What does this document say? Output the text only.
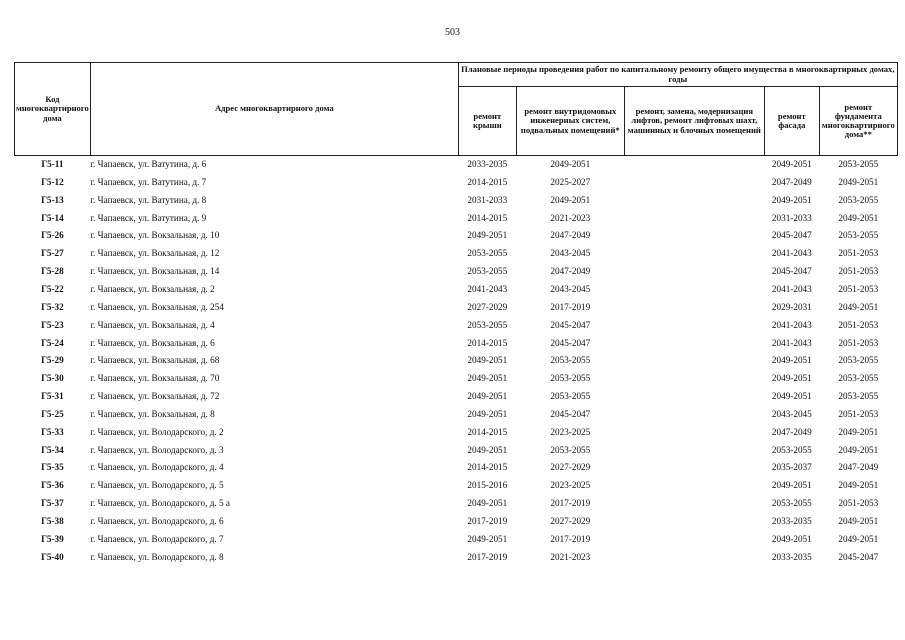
503
Код многоквартирного дома	Адрес многоквартирного дома	Плановые периоды проведения работ по капитальному ремонту общего имущества в многоквартирных домах, годы				
		ремонт крыши	ремонт внутридомовых инженерных систем, подвальных помещений*	ремонт, замена, модернизация лифтов, ремонт лифтовых шахт, машинных и блочных помещений	ремонт фасада	ремонт фундамента многоквартирного дома**
Г5-11	г. Чапаевск, ул. Ватутина, д. 6	2033-2035	2049-2051		2049-2051	2053-2055
Г5-12	г. Чапаевск, ул. Ватутина, д. 7	2014-2015	2025-2027		2047-2049	2049-2051
Г5-13	г. Чапаевск, ул. Ватутина, д. 8	2031-2033	2049-2051		2049-2051	2053-2055
Г5-14	г. Чапаевск, ул. Ватутина, д. 9	2014-2015	2021-2023		2031-2033	2049-2051
Г5-26	г. Чапаевск, ул. Вокзальная, д. 10	2049-2051	2047-2049		2045-2047	2053-2055
Г5-27	г. Чапаевск, ул. Вокзальная, д. 12	2053-2055	2043-2045		2041-2043	2051-2053
Г5-28	г. Чапаевск, ул. Вокзальная, д. 14	2053-2055	2047-2049		2045-2047	2051-2053
Г5-22	г. Чапаевск, ул. Вокзальная, д. 2	2041-2043	2043-2045		2041-2043	2051-2053
Г5-32	г. Чапаевск, ул. Вокзальная, д. 254	2027-2029	2017-2019		2029-2031	2049-2051
Г5-23	г. Чапаевск, ул. Вокзальная, д. 4	2053-2055	2045-2047		2041-2043	2051-2053
Г5-24	г. Чапаевск, ул. Вокзальная, д. 6	2014-2015	2045-2047		2041-2043	2051-2053
Г5-29	г. Чапаевск, ул. Вокзальная, д. 68	2049-2051	2053-2055		2049-2051	2053-2055
Г5-30	г. Чапаевск, ул. Вокзальная, д. 70	2049-2051	2053-2055		2049-2051	2053-2055
Г5-31	г. Чапаевск, ул. Вокзальная, д. 72	2049-2051	2053-2055		2049-2051	2053-2055
Г5-25	г. Чапаевск, ул. Вокзальная, д. 8	2049-2051	2045-2047		2043-2045	2051-2053
Г5-33	г. Чапаевск, ул. Володарского, д. 2	2014-2015	2023-2025		2047-2049	2049-2051
Г5-34	г. Чапаевск, ул. Володарского, д. 3	2049-2051	2053-2055		2053-2055	2049-2051
Г5-35	г. Чапаевск, ул. Володарского, д. 4	2014-2015	2027-2029		2035-2037	2047-2049
Г5-36	г. Чапаевск, ул. Володарского, д. 5	2015-2016	2023-2025		2049-2051	2049-2051
Г5-37	г. Чапаевск, ул. Володарского, д. 5 а	2049-2051	2017-2019		2053-2055	2051-2053
Г5-38	г. Чапаевск, ул. Володарского, д. 6	2017-2019	2027-2029		2033-2035	2049-2051
Г5-39	г. Чапаевск, ул. Володарского, д. 7	2049-2051	2017-2019		2049-2051	2049-2051
Г5-40	г. Чапаевск, ул. Володарского, д. 8	2017-2019	2021-2023		2033-2035	2045-2047
